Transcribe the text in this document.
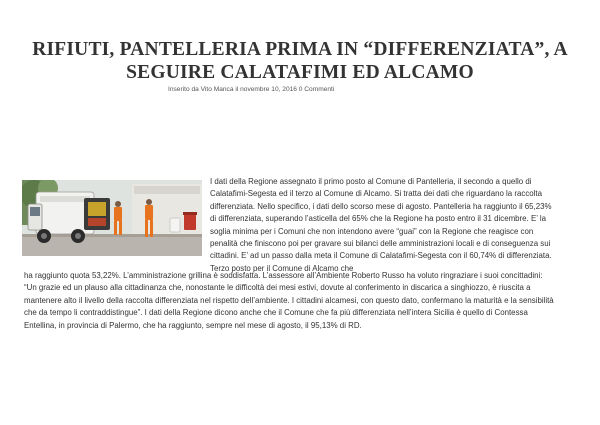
RIFIUTI, PANTELLERIA PRIMA IN “DIFFERENZIATA”, A SEGUIRE CALATAFIMI ED ALCAMO
Inserito da Vito Manca il novembre 10, 2016 0 Commenti

I dati della Regione assegnato il primo posto al Comune di Pantelleria, il secondo a quello di Calatafimi-Segesta ed il terzo al Comune di Alcamo. Si tratta dei dati che riguardano la raccolta differenziata. Nello specifico, i dati dello scorso mese di agosto. Pantelleria ha raggiunto il 65,23% di differenziata, superando l’asticella del 65% che la Regione ha posto entro il 31 dicembre. E’ la soglia minima per i Comuni che non intendono avere “guai” con la Regione che reagisce con penalità che finiscono poi per gravare sui bilanci delle amministrazioni locali e di conseguenza sui cittadini. E’ ad un passo dalla meta il Comune di Calatafimi-Segesta con il 60,74% di differenziata. Terzo posto per il Comune di Alcamo che

ha raggiunto quota 53,22%. L’amministrazione grillina è soddisfatta. L’assessore all’Ambiente Roberto Russo ha voluto ringraziare i suoi concittadini: “Un grazie ed un plauso alla cittadinanza che, nonostante le difficoltà dei mesi estivi, dovute al conferimento in discarica a singhiozzo, è riuscita a mantenere alto il livello della raccolta differenziata nel rispetto dell’ambiente. I cittadini alcamesi, con questo dato, confermano la maturità e la sensibilità che da tempo li contraddistingue”. I dati della Regione dicono anche che il Comune che fa più differenziata nell’intera Sicilia è quello di Contessa Entellina, in provincia di Palermo, che ha raggiunto, sempre nel mese di agosto, il 95,13% di RD.
